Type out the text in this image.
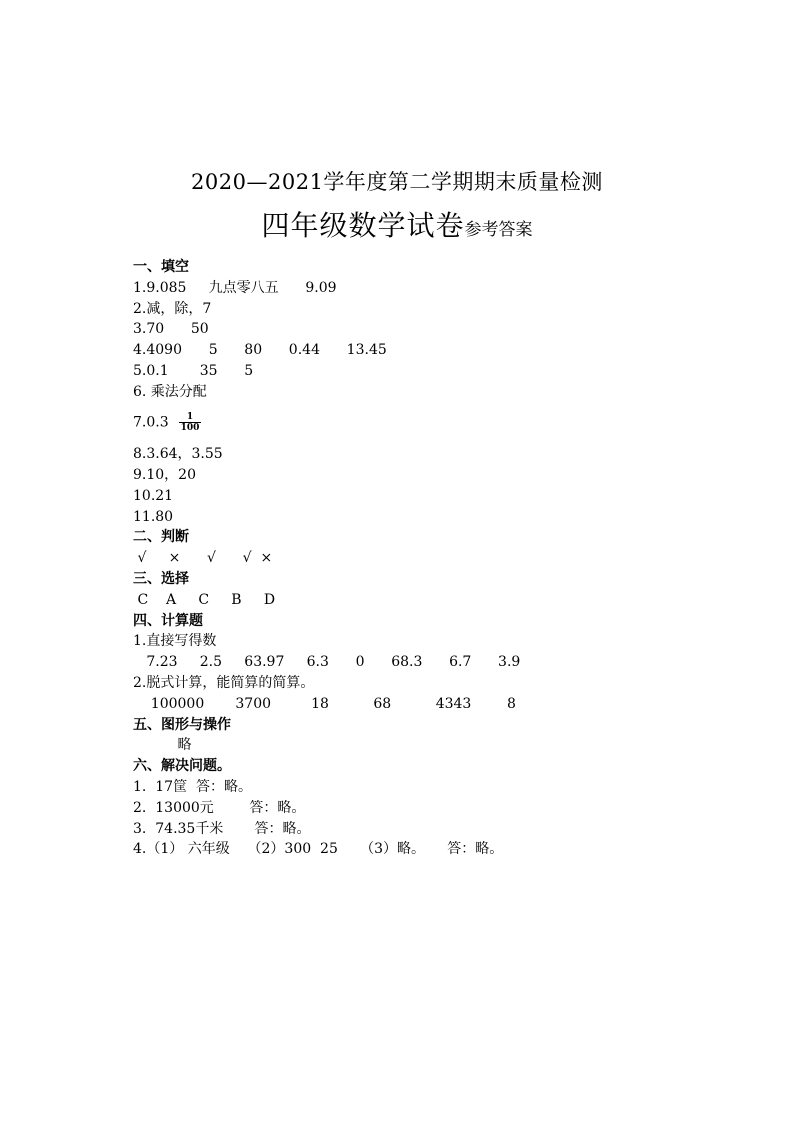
2020—2021学年度第二学期期末质量检测
四年级数学试卷参考答案
一、填空
1.9.085     九点零八五      9.09
2.减，除，7
3.70      50
4.4090      5      80      0.44      13.45
5.0.1       35      5
6. 乘法分配
$7.0.3 \frac{1}{100}$
8.3.64，3.55
9.10，20
10.21
11.80
二、判断
√     ×      √      √  ×
三、选择
C    A     C     B     D
四、计算题
1.直接写得数
7.23     2.5     63.97     6.3      0      68.3      6.7      3.9
2.脱式计算，能简算的简算。
100000       3700         18          68          4343        8
五、图形与操作
略
六、解决问题。
1.  17筐  答：略。
2.  13000元        答：略。
3.  74.35千米       答：略。
4.（1） 六年级    （2）300  25     （3）略。     答：略。
